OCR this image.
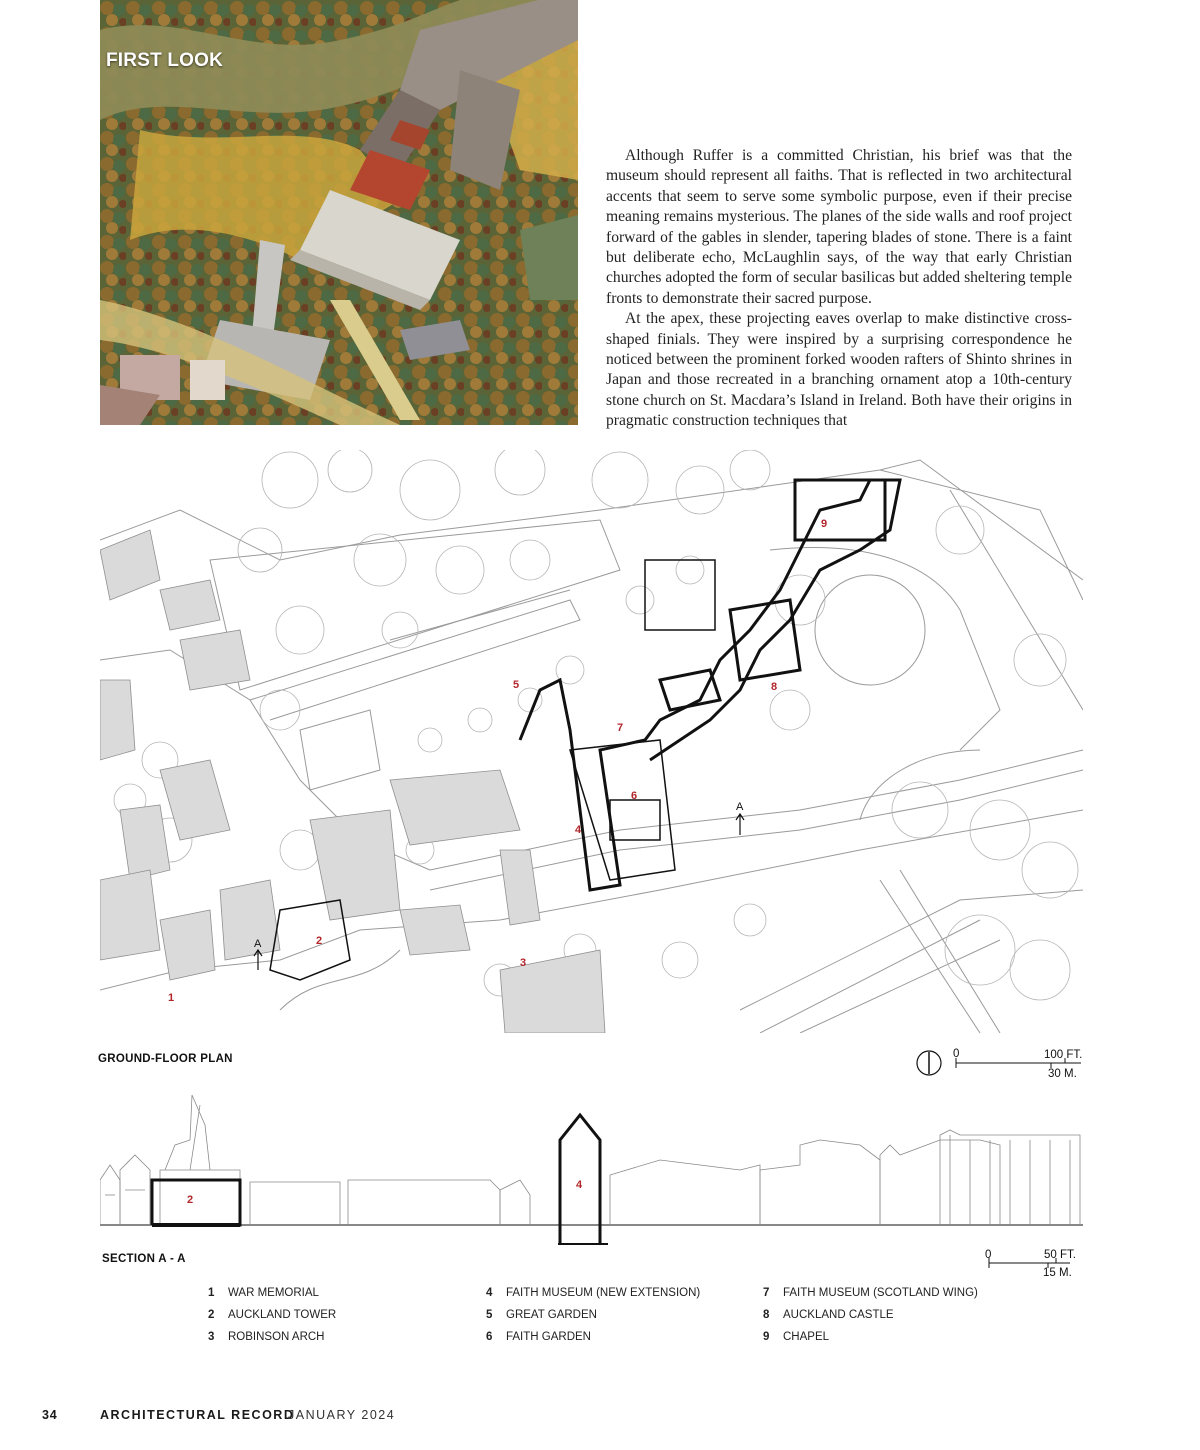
FIRST LOOK

Although Ruffer is a committed Christian, his brief was that the museum should represent all faiths. That is reflected in two architectural accents that seem to serve some symbolic purpose, even if their precise meaning remains mysterious. The planes of the side walls and roof project forward of the gables in slender, tapering blades of stone. There is a faint but deliberate echo, McLaughlin says, of the way that early Christian churches adopted the form of secular basilicas but added sheltering temple fronts to demonstrate their sacred purpose.

At the apex, these projecting eaves overlap to make distinctive cross-shaped finials. They were inspired by a surprising correspondence he noticed between the prominent forked wooden rafters of Shinto shrines in Japan and those recreated in a branching ornament atop a 10th-century stone church on St. Macdara’s Island in Ireland. Both have their origins in pragmatic construction techniques that

A
A
1
2
3
4
5
6
7
8
9
GROUND-FLOOR PLAN	0	100 FT.
30 M.
2
4
SECTION A - A	0	50 FT.
15 M.
1 WAR MEMORIAL
2 AUCKLAND TOWER
3 ROBINSON ARCH
4 FAITH MUSEUM (NEW EXTENSION)
5 GREAT GARDEN
6 FAITH GARDEN
7 FAITH MUSEUM (SCOTLAND WING)
8 AUCKLAND CASTLE
9 CHAPEL
34	ARCHITECTURAL RECORD
JANUARY 2024
